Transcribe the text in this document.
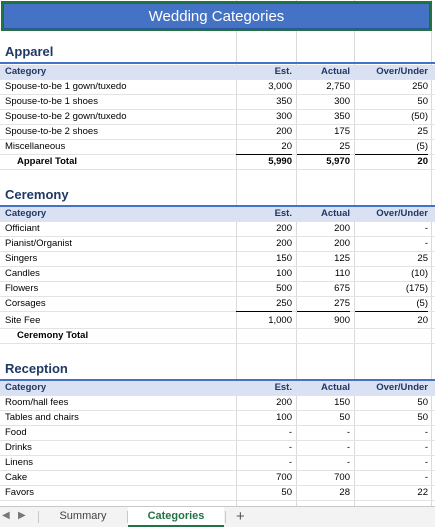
Wedding Categories
Apparel
Category	Est.	Actual	Over/Under
Spouse-to-be 1 gown/tuxedo	3,000	2,750	250
Spouse-to-be 1 shoes	350	300	50
Spouse-to-be 2 gown/tuxedo	300	350	(50)
Spouse-to-be 2 shoes	200	175	25
Miscellaneous	20	25	(5)
Apparel Total	5,990	5,970	20
Ceremony
Category	Est.	Actual	Over/Under
Officiant	200	200	-
Pianist/Organist	200	200	-
Singers	150	125	25
Candles	100	110	(10)
Flowers	500	675	(175)
Corsages	250	275	(5)
Site Fee	1,000	900	20
Ceremony Total
Reception
Category	Est.	Actual	Over/Under
Room/hall fees	200	150	50
Tables and chairs	100	50	50
Food	-	-	-
Drinks	-	-	-
Linens	-	-	-
Cake	700	700	-
Favors	50	28	22
◀ ▶	Summary	Categories	+
